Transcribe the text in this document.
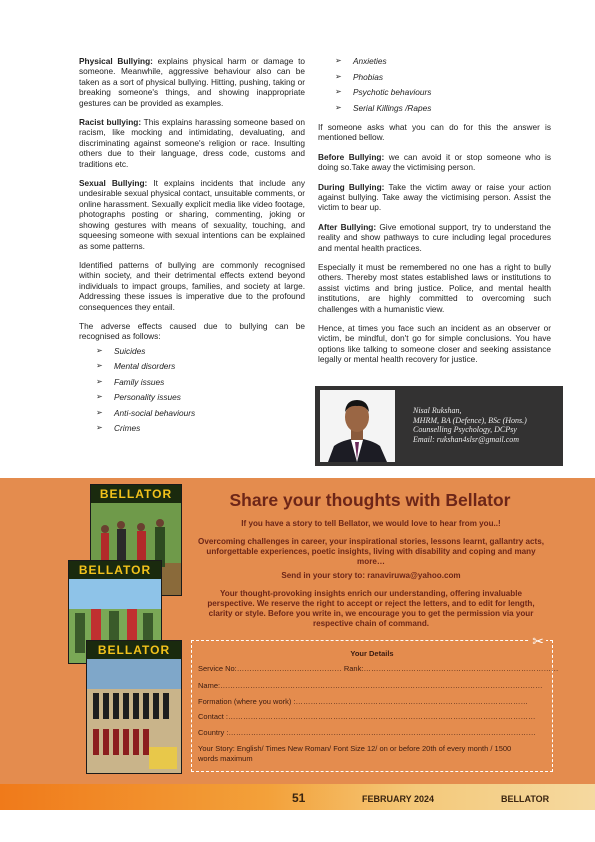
Physical Bullying: explains physical harm or damage to someone. Meanwhile, aggressive behaviour also can be taken as a sort of physical bullying. Hitting, pushing, taking or breaking someone's things, and showing inappropriate gestures can be provided as examples.

Racist bullying: This explains harassing someone based on racism, like mocking and intimidating, devaluating, and discriminating against someone's religion or race. Insulting others due to their language, dress code, customs and traditions etc.

Sexual Bullying: It explains incidents that include any undesirable sexual physical contact, unsuitable comments, or online harassment. Sexually explicit media like video footage, photographs posting or sharing, commenting, joking or showing gestures with means of sexuality, touching, and squeesing someone with sexual intentions can be explained as some patterns.

Identified patterns of bullying are commonly recognised within society, and their detrimental effects extend beyond individuals to impact groups, families, and society at large. Addressing these issues is imperative due to the profound consequences they entail.

The adverse effects caused due to bullying can be recognised as follows:

➢ Suicides
➢ Mental disorders
➢ Family issues
➢ Personality issues
➢ Anti-social behaviours
➢ Crimes
➢ Anxieties
➢ Phobias
➢ Psychotic behaviours
➢ Serial Killings /Rapes

If someone asks what you can do for this the answer is mentioned bellow.

Before Bullying: we can avoid it or stop someone who is doing so.Take away the victimising person.

During Bullying: Take the victim away or raise your action against bullying. Take away the victimising person. Assist the victim to bear up.

After Bullying: Give emotional support, try to understand the reality and show pathways to cure including legal procedures and mental health practices.

Especially it must be remembered no one has a right to bully others. Thereby most states established laws or institutions to assist victims and bring justice. Police, and mental health institutions, are highly committed to overcoming such challenges with a humanistic view.

Hence, at times you face such an incident as an observer or victim, be mindful, don't go for simple conclusions. You have options like talking to someone closer and seeking assistance legally or mental health recovery for justice.

Nisal Rukshan,
MHRM, BA (Defence), BSc (Hons.)
Counselling Psychology, DCPsy
Email: rukshan4slsr@gmail.com
BELLATOR
BELLATOR
BELLATOR
Share your thoughts with Bellator

If you have a story to tell Bellator, we would love to hear from you..!

Overcoming challenges in career, your inspirational stories, lessons learnt, gallantry acts, unforgettable experiences, poetic insights, living with disability and coping and many more…

Send in your story to: ranaviruwa@yahoo.com

Your thought-provoking insights enrich our understanding, offering invaluable perspective. We reserve the right to accept or reject the letters, and to edit for length, clarity or style. Before you write in, we encourage you to get the permission via your respective chain of command.

✂
Your Details
Service No:…………………………………… Rank:……………………………………………………………………
Name:…………………………………………………………………………………………………………………
Formation (where you work) :…………………………………………………………………………………
Contact :……………………………………………………………………………………………………………
Country :……………………………………………………………………………………………………………
Your Story: English/ Times New Roman/ Font Size 12/ on or before 20th of every month / 1500
words maximum
51	FEBRUARY 2024	BELLATOR
